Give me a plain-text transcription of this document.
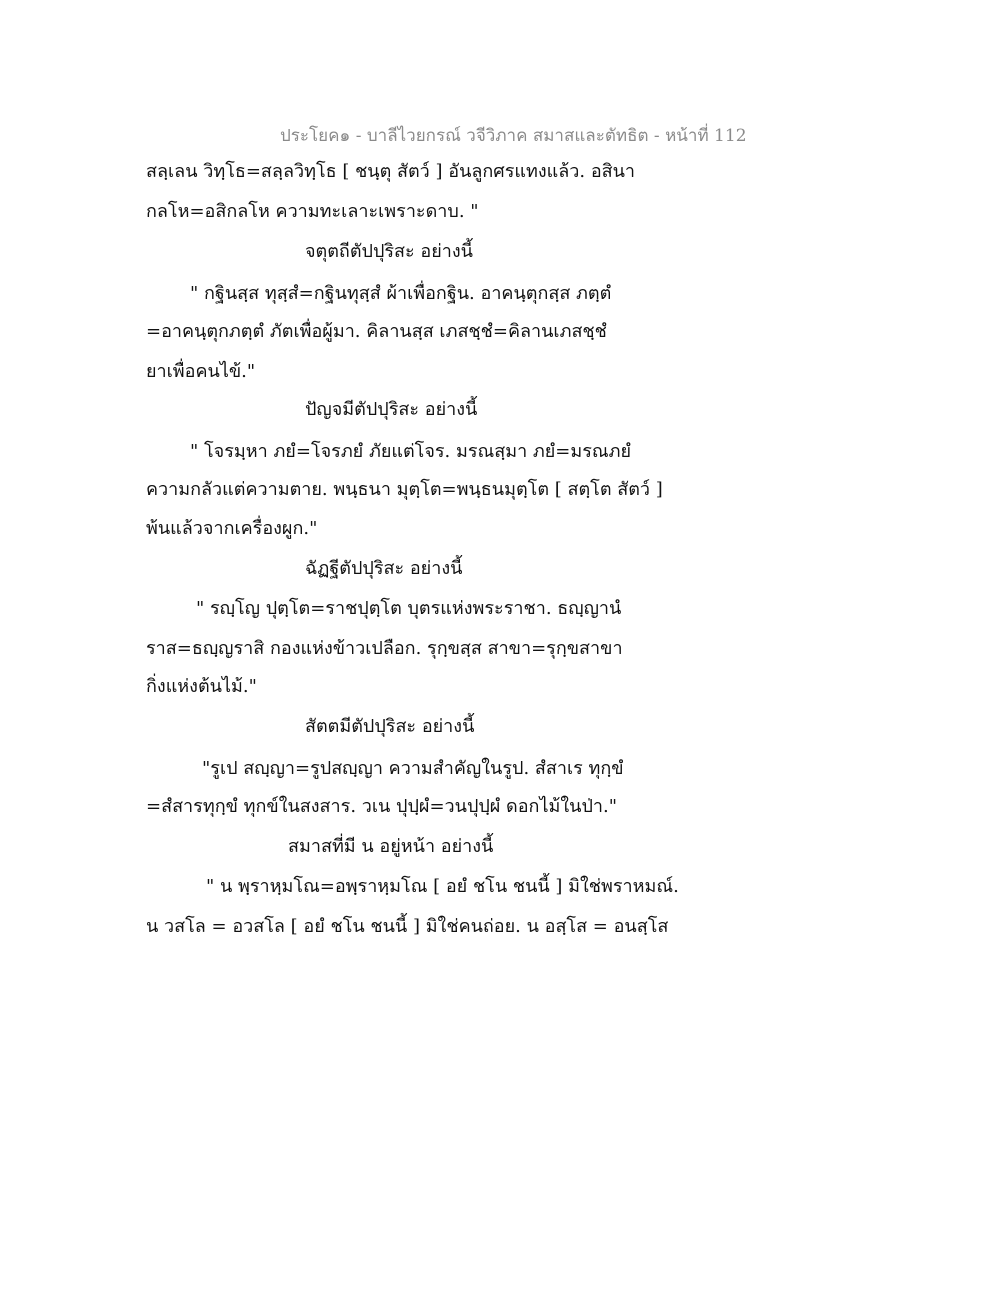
ประโยค๑ - บาลีไวยกรณ์ วจีวิภาค สมาสและตัทธิต - หน้าที่ 112
สลฺเลน วิทฺโธ=สลฺลวิทฺโธ [ ชนฺตุ สัตว์ ] อันลูกศรแทงแล้ว. อสินา
กลโห=อสิกลโห ความทะเลาะเพราะดาบ. "
จตุตถีตัปปุริสะ อย่างนี้
" กฐินสฺส ทุสฺสํ=กฐินทุสฺสํ ผ้าเพื่อกฐิน. อาคนฺตุกสฺส ภตฺตํ
=อาคนฺตุกภตฺตํ ภัตเพื่อผู้มา. คิลานสฺส เภสชฺชํ=คิลานเภสชฺชํ
ยาเพื่อคนไข้."
ปัญจมีตัปปุริสะ อย่างนี้
" โจรมฺหา ภยํ=โจรภยํ ภัยแต่โจร. มรณสฺมา ภยํ=มรณภยํ
ความกลัวแต่ความตาย. พนฺธนา มุตฺโต=พนฺธนมุตฺโต [ สตฺโต สัตว์ ]
พ้นแล้วจากเครื่องผูก."
ฉัฏฐีตัปปุริสะ อย่างนี้
" รญฺโญ ปุตฺโต=ราชปุตฺโต บุตรแห่งพระราชา. ธญฺญานํ
ราส=ธญฺญราสิ กองแห่งข้าวเปลือก. รุกฺขสฺส สาขา=รุกฺขสาขา
กิ่งแห่งต้นไม้."
สัตตมีตัปปุริสะ อย่างนี้
"รูเป สญฺญา=รูปสญฺญา ความสำคัญในรูป. สํสาเร ทุกฺขํ
=สํสารทุกฺขํ ทุกข์ในสงสาร. วเน ปุปฺผํ=วนปุปฺผํ ดอกไม้ในป่า."
สมาสที่มี น อยู่หน้า อย่างนี้
" น พฺราหฺมโณ=อพฺราหฺมโณ [ อยํ ชโน ชนนี้ ] มิใช่พราหมณ์.
น วสโล = อวสโล [ อยํ ชโน ชนนี้ ] มิใช่คนถ่อย. น อสฺโส = อนสฺโส
